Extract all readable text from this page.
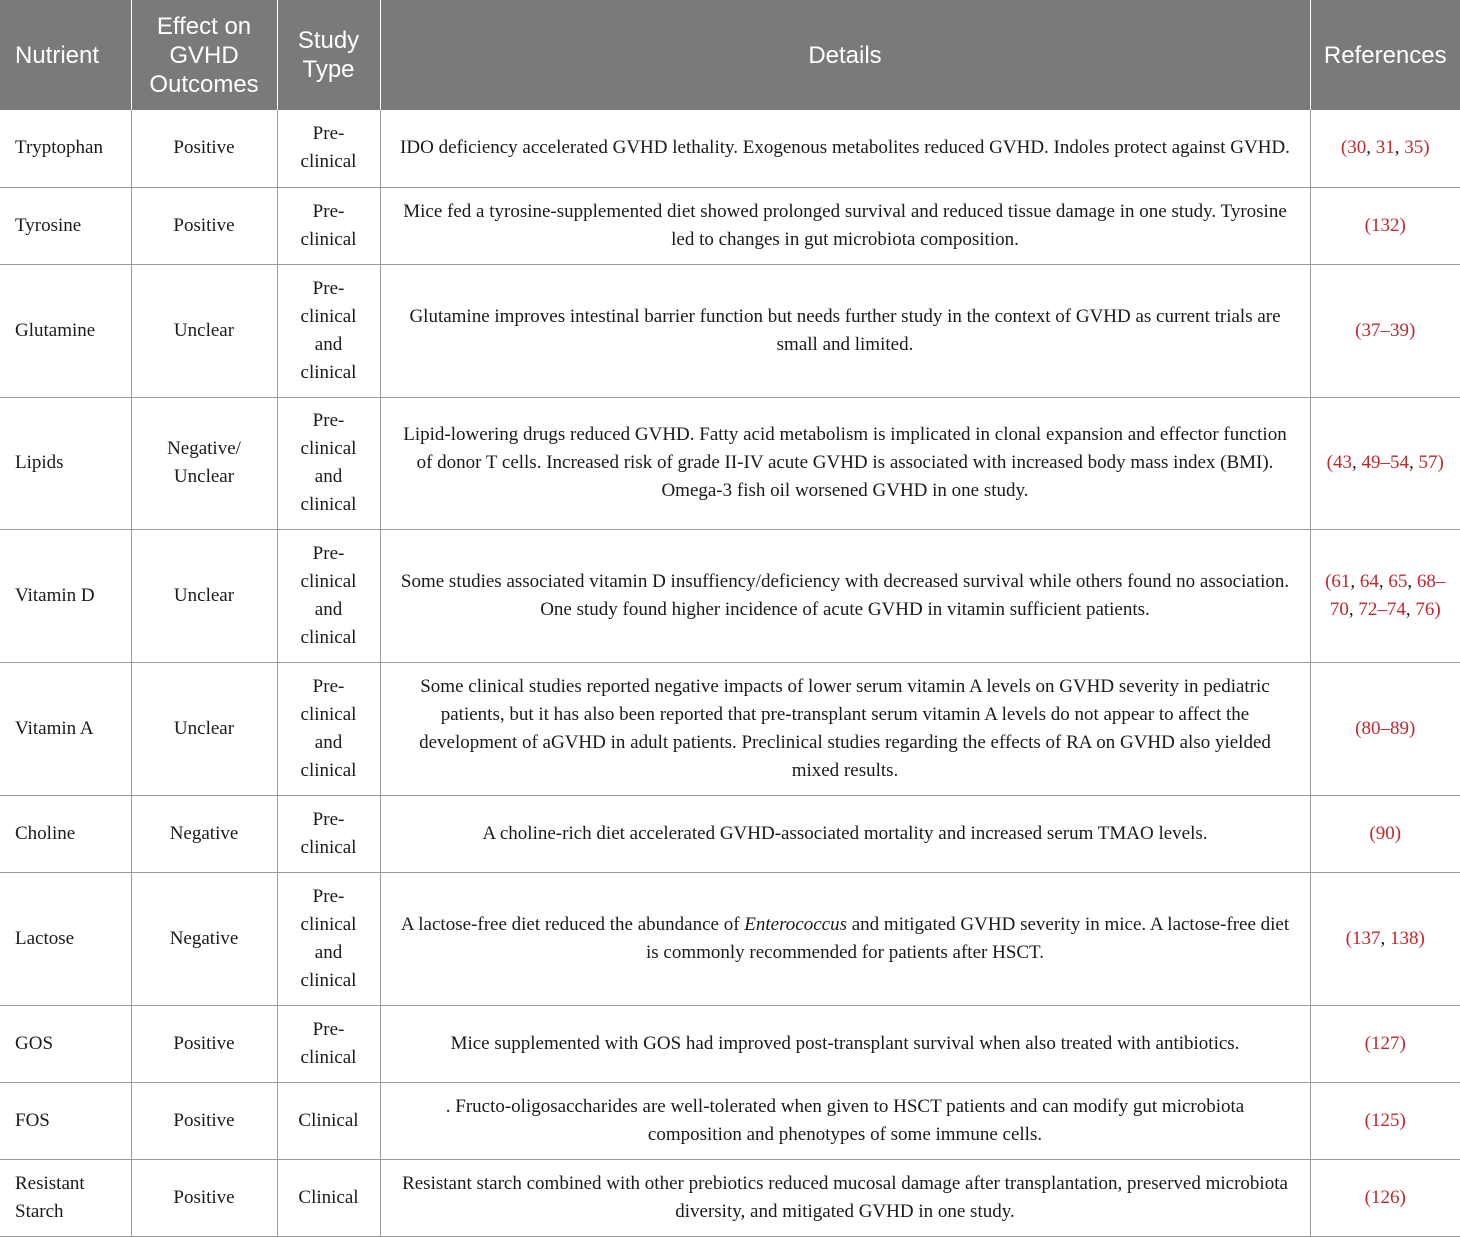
Nutrient	Effect on GVHD Outcomes	Study Type	Details	References
Tryptophan	Positive	Pre-clinical	IDO deficiency accelerated GVHD lethality. Exogenous metabolites reduced GVHD. Indoles protect against GVHD.	(30, 31, 35)
Tyrosine	Positive	Pre-clinical	Mice fed a tyrosine-supplemented diet showed prolonged survival and reduced tissue damage in one study. Tyrosine led to changes in gut microbiota composition.	(132)
Glutamine	Unclear	Pre-clinical and clinical	Glutamine improves intestinal barrier function but needs further study in the context of GVHD as current trials are small and limited.	(37–39)
Lipids	Negative/ Unclear	Pre-clinical and clinical	Lipid-lowering drugs reduced GVHD. Fatty acid metabolism is implicated in clonal expansion and effector function of donor T cells. Increased risk of grade II-IV acute GVHD is associated with increased body mass index (BMI). Omega-3 fish oil worsened GVHD in one study.	(43, 49–54, 57)
Vitamin D	Unclear	Pre-clinical and clinical	Some studies associated vitamin D insuffiency/deficiency with decreased survival while others found no association. One study found higher incidence of acute GVHD in vitamin sufficient patients.	(61, 64, 65, 68–70, 72–74, 76)
Vitamin A	Unclear	Pre-clinical and clinical	Some clinical studies reported negative impacts of lower serum vitamin A levels on GVHD severity in pediatric patients, but it has also been reported that pre-transplant serum vitamin A levels do not appear to affect the development of aGVHD in adult patients. Preclinical studies regarding the effects of RA on GVHD also yielded mixed results.	(80–89)
Choline	Negative	Pre-clinical	A choline-rich diet accelerated GVHD-associated mortality and increased serum TMAO levels.	(90)
Lactose	Negative	Pre-clinical and clinical	A lactose-free diet reduced the abundance of Enterococcus and mitigated GVHD severity in mice. A lactose-free diet is commonly recommended for patients after HSCT.	(137, 138)
GOS	Positive	Pre-clinical	Mice supplemented with GOS had improved post-transplant survival when also treated with antibiotics.	(127)
FOS	Positive	Clinical	. Fructo-oligosaccharides are well-tolerated when given to HSCT patients and can modify gut microbiota composition and phenotypes of some immune cells.	(125)
Resistant Starch	Positive	Clinical	Resistant starch combined with other prebiotics reduced mucosal damage after transplantation, preserved microbiota diversity, and mitigated GVHD in one study.	(126)
